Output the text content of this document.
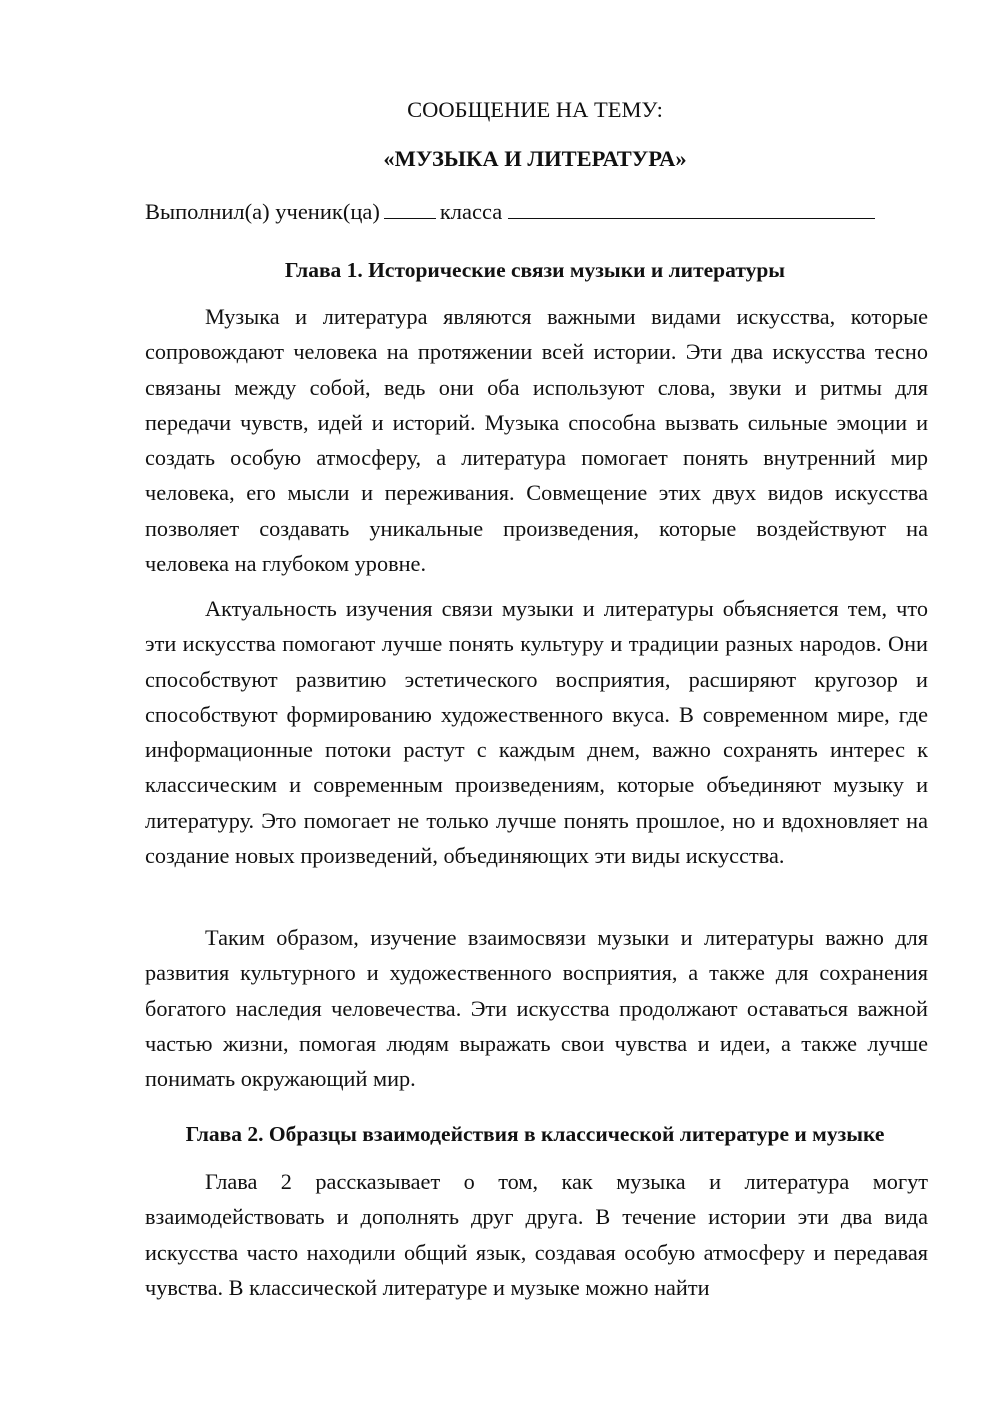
СООБЩЕНИЕ НА ТЕМУ:
«МУЗЫКА И ЛИТЕРАТУРА»
Выполнил(а) ученик(ца)	класса
Глава 1. Исторические связи музыки и литературы

Музыка и литература являются важными видами искусства, которые сопровождают человека на протяжении всей истории. Эти два искусства тесно связаны между собой, ведь они оба используют слова, звуки и ритмы для передачи чувств, идей и историй. Музыка способна вызвать сильные эмоции и создать особую атмосферу, а литература помогает понять внутренний мир человека, его мысли и переживания. Совмещение этих двух видов искусства позволяет создавать уникальные произведения, которые воздействуют на человека на глубоком уровне.

Актуальность изучения связи музыки и литературы объясняется тем, что эти искусства помогают лучше понять культуру и традиции разных народов. Они способствуют развитию эстетического восприятия, расширяют кругозор и способствуют формированию художественного вкуса. В современном мире, где информационные потоки растут с каждым днем, важно сохранять интерес к классическим и современным произведениям, которые объединяют музыку и литературу. Это помогает не только лучше понять прошлое, но и вдохновляет на создание новых произведений, объединяющих эти виды искусства.

Таким образом, изучение взаимосвязи музыки и литературы важно для развития культурного и художественного восприятия, а также для сохранения богатого наследия человечества. Эти искусства продолжают оставаться важной частью жизни, помогая людям выражать свои чувства и идеи, а также лучше понимать окружающий мир.

Глава 2. Образцы взаимодействия в классической литературе и музыке

Глава 2 рассказывает о том, как музыка и литература могут взаимодействовать и дополнять друг друга. В течение истории эти два вида искусства часто находили общий язык, создавая особую атмосферу и передавая чувства. В классической литературе и музыке можно найти
